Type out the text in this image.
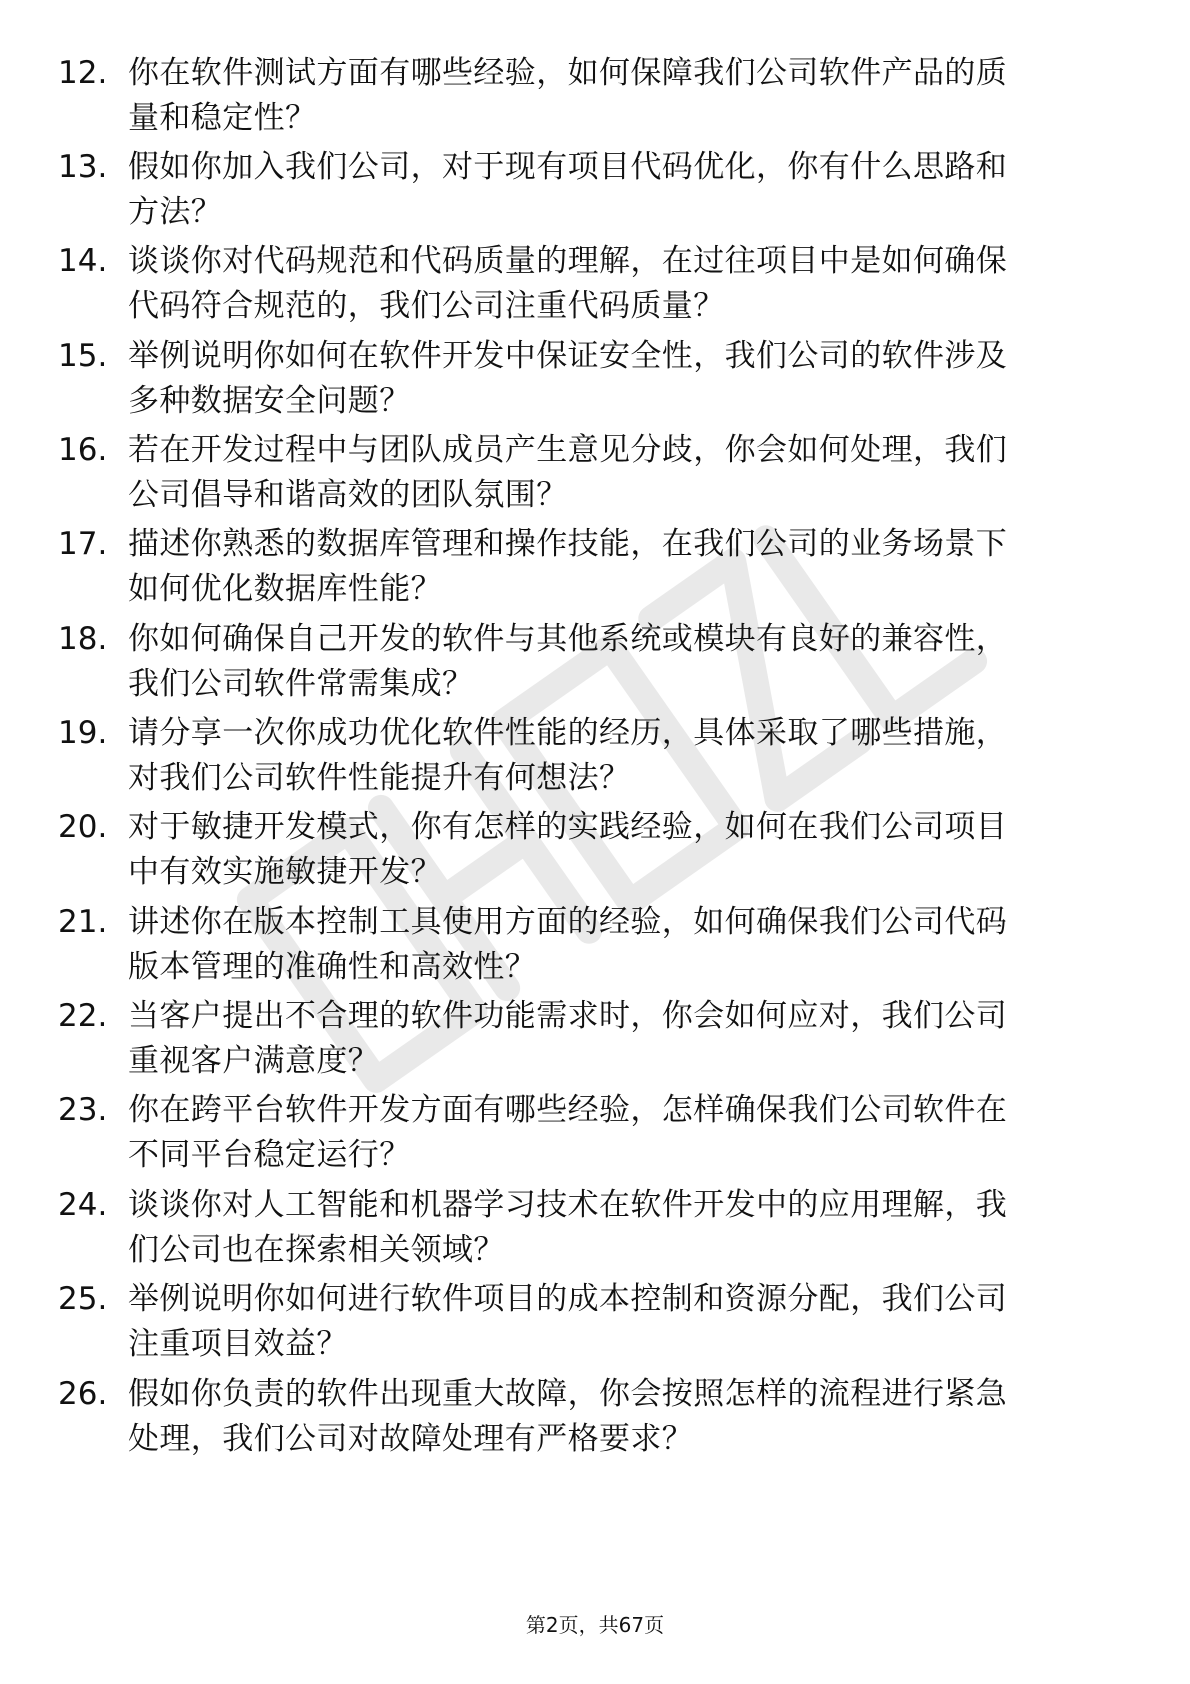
12. 你在软件测试方面有哪些经验，如何保障我们公司软件产品的质
量和稳定性？
13. 假如你加入我们公司，对于现有项目代码优化，你有什么思路和
方法？
14. 谈谈你对代码规范和代码质量的理解，在过往项目中是如何确保
代码符合规范的，我们公司注重代码质量？
15. 举例说明你如何在软件开发中保证安全性，我们公司的软件涉及
多种数据安全问题？
16. 若在开发过程中与团队成员产生意见分歧，你会如何处理，我们
公司倡导和谐高效的团队氛围？
17. 描述你熟悉的数据库管理和操作技能，在我们公司的业务场景下
如何优化数据库性能？
18. 你如何确保自己开发的软件与其他系统或模块有良好的兼容性，
我们公司软件常需集成？
19. 请分享一次你成功优化软件性能的经历，具体采取了哪些措施，
对我们公司软件性能提升有何想法？
20. 对于敏捷开发模式，你有怎样的实践经验，如何在我们公司项目
中有效实施敏捷开发？
21. 讲述你在版本控制工具使用方面的经验，如何确保我们公司代码
版本管理的准确性和高效性？
22. 当客户提出不合理的软件功能需求时，你会如何应对，我们公司
重视客户满意度？
23. 你在跨平台软件开发方面有哪些经验，怎样确保我们公司软件在
不同平台稳定运行？
24. 谈谈你对人工智能和机器学习技术在软件开发中的应用理解，我
们公司也在探索相关领域？
25. 举例说明你如何进行软件项目的成本控制和资源分配，我们公司
注重项目效益？
26. 假如你负责的软件出现重大故障，你会按照怎样的流程进行紧急
处理，我们公司对故障处理有严格要求？
第2页，共67页
